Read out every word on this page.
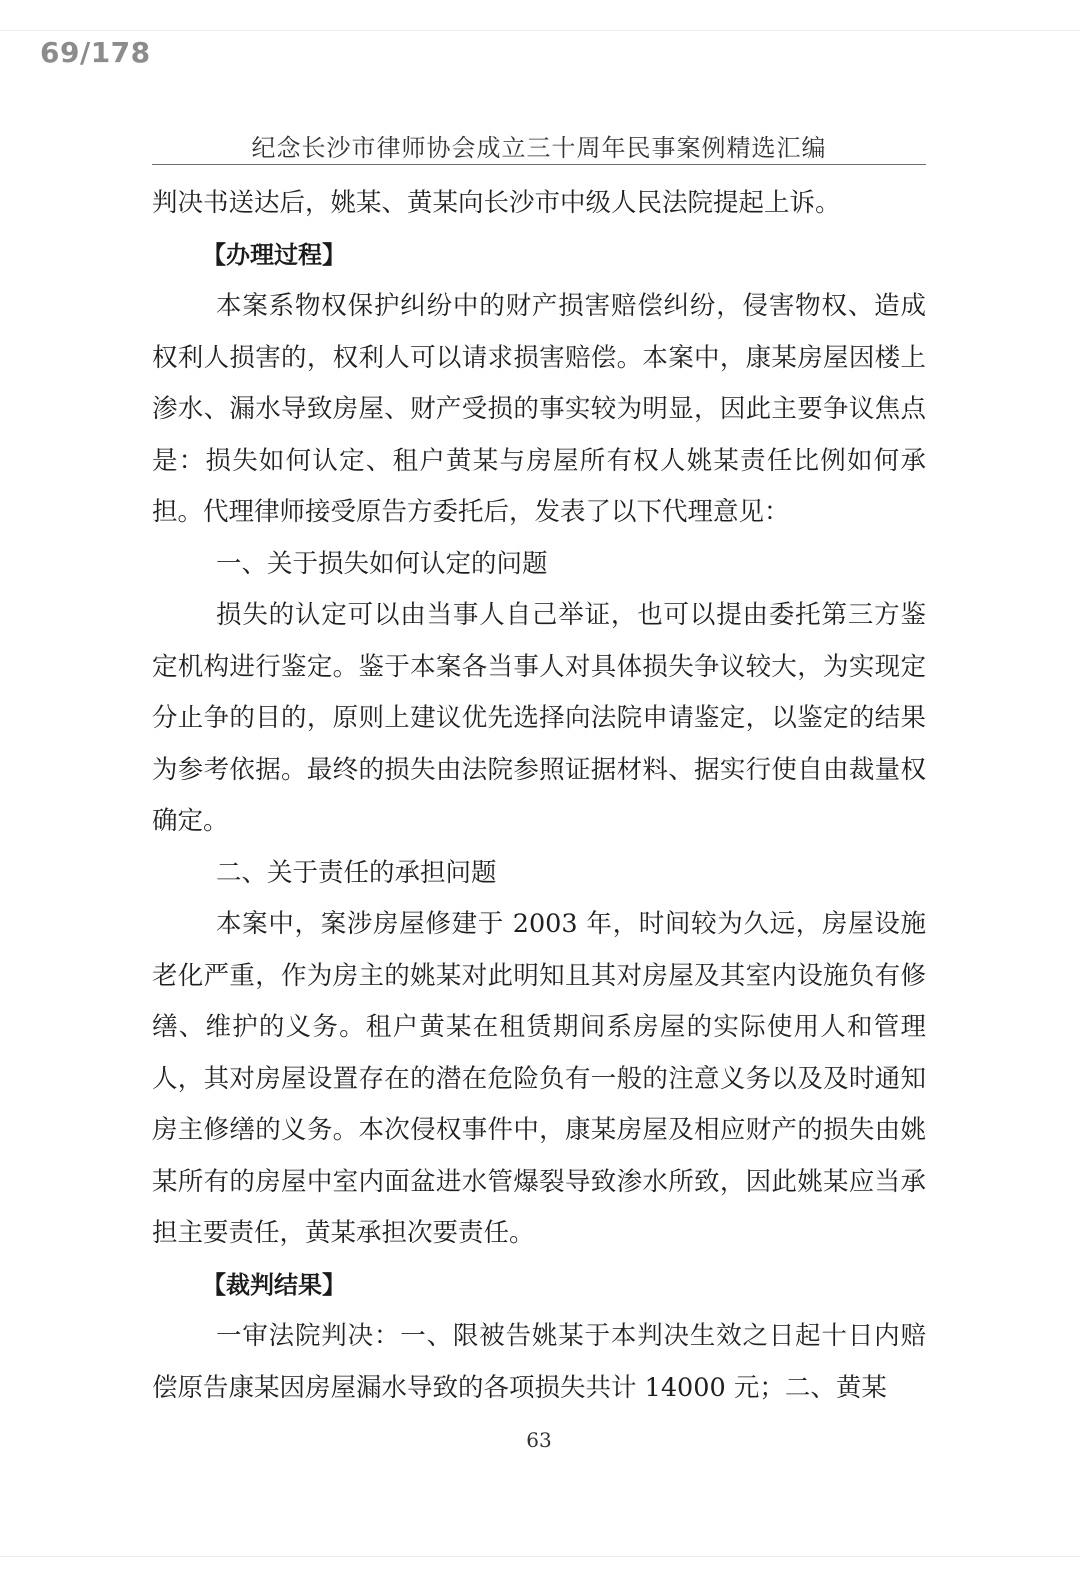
69/178
纪念长沙市律师协会成立三十周年民事案例精选汇编

判决书送达后，姚某、黄某向长沙市中级人民法院提起上诉。

【办理过程】

本案系物权保护纠纷中的财产损害赔偿纠纷，侵害物权、造成权利人损害的，权利人可以请求损害赔偿。本案中，康某房屋因楼上渗水、漏水导致房屋、财产受损的事实较为明显，因此主要争议焦点是：损失如何认定、租户黄某与房屋所有权人姚某责任比例如何承担。代理律师接受原告方委托后，发表了以下代理意见：

一、关于损失如何认定的问题

损失的认定可以由当事人自己举证，也可以提由委托第三方鉴定机构进行鉴定。鉴于本案各当事人对具体损失争议较大，为实现定分止争的目的，原则上建议优先选择向法院申请鉴定，以鉴定的结果为参考依据。最终的损失由法院参照证据材料、据实行使自由裁量权确定。

二、关于责任的承担问题

本案中，案涉房屋修建于 2003 年，时间较为久远，房屋设施老化严重，作为房主的姚某对此明知且其对房屋及其室内设施负有修缮、维护的义务。租户黄某在租赁期间系房屋的实际使用人和管理人，其对房屋设置存在的潜在危险负有一般的注意义务以及及时通知房主修缮的义务。本次侵权事件中，康某房屋及相应财产的损失由姚某所有的房屋中室内面盆进水管爆裂导致渗水所致，因此姚某应当承担主要责任，黄某承担次要责任。

【裁判结果】

一审法院判决：一、限被告姚某于本判决生效之日起十日内赔偿原告康某因房屋漏水导致的各项损失共计 14000 元；二、黄某

63
